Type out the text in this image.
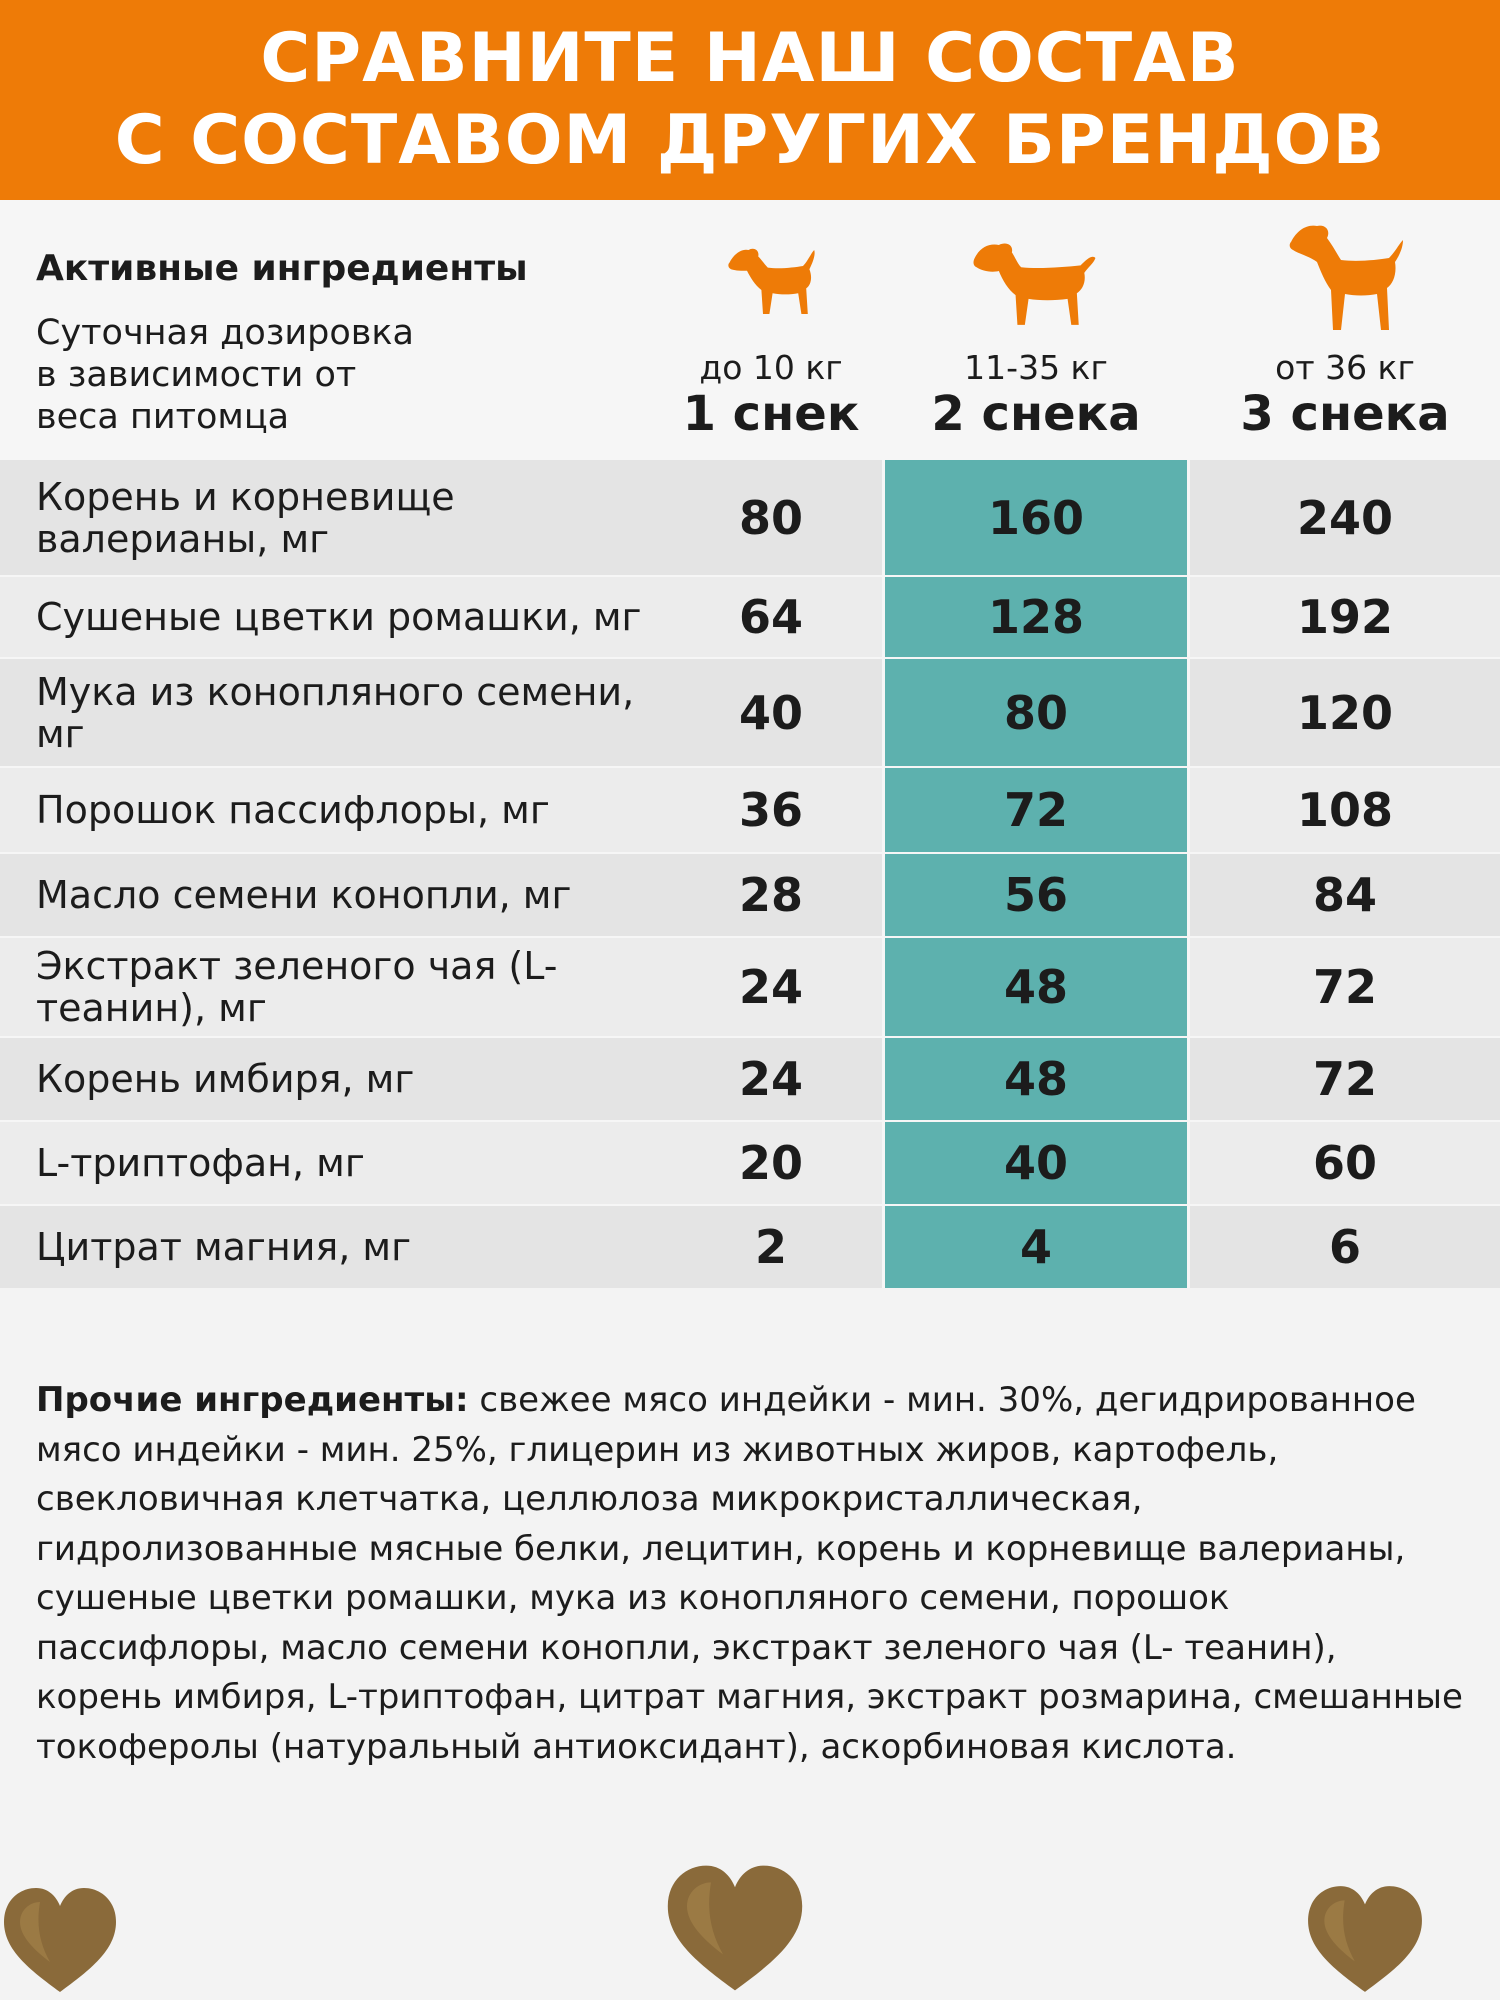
СРАВНИТЕ НАШ СОСТАВ
С СОСТАВОМ ДРУГИХ БРЕНДОВ
Активные ингредиенты
Суточная дозировка
в зависимости от
веса питомца
до 10 кг
1 снек
11-35 кг
2 снека
от 36 кг
3 снека
Корень и корневище валерианы, мг	80	160	240
Сушеные цветки ромашки, мг	64	128	192
Мука из конопляного семени, мг	40	80	120
Порошок пассифлоры, мг	36	72	108
Масло семени конопли, мг	28	56	84
Экстракт зеленого чая (L-теанин), мг	24	48	72
Корень имбиря, мг	24	48	72
L-триптофан, мг	20	40	60
Цитрат магния, мг	2	4	6
Прочие ингредиенты: свежее мясо индейки - мин. 30%, дегидрированное мясо индейки - мин. 25%, глицерин из животных жиров, картофель, свекловичная клетчатка, целлюлоза микрокристаллическая, гидролизованные мясные белки, лецитин, корень и корневище валерианы, сушеные цветки ромашки, мука из конопляного семени, порошок пассифлоры, масло семени конопли, экстракт зеленого чая (L- теанин), корень имбиря, L-триптофан, цитрат магния, экстракт розмарина, смешанные токоферолы (натуральный антиоксидант), аскорбиновая кислота.
